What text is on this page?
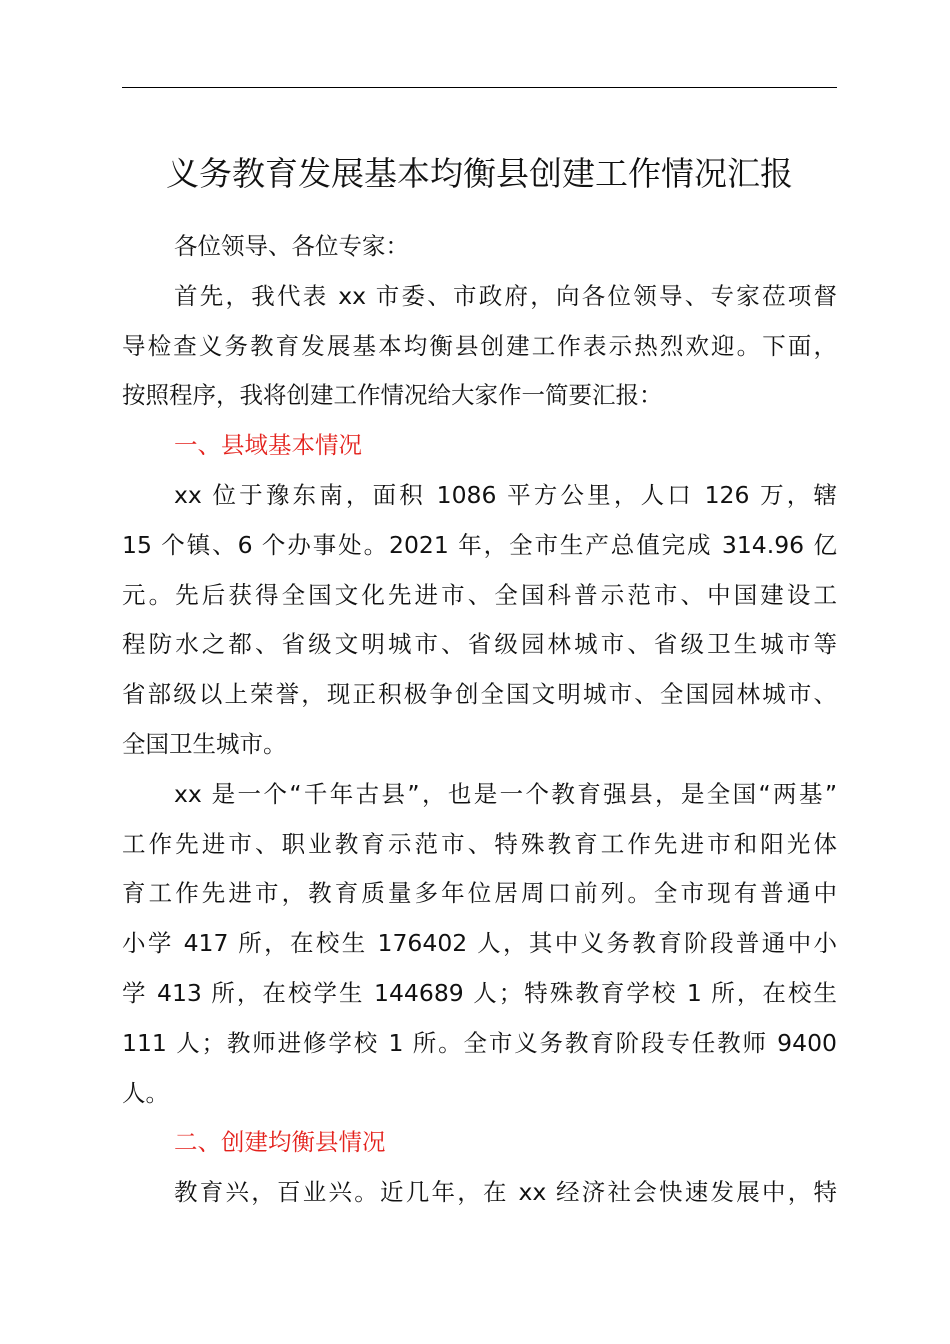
义务教育发展基本均衡县创建工作情况汇报
各位领导、各位专家：
首先，我代表 xx 市委、市政府，向各位领导、专家莅项督
导检查义务教育发展基本均衡县创建工作表示热烈欢迎。下面，
按照程序，我将创建工作情况给大家作一简要汇报：
一、县域基本情况
xx 位于豫东南，面积 1086 平方公里，人口 126 万，辖
15 个镇、6 个办事处。2021 年，全市生产总值完成 314.96 亿
元。先后获得全国文化先进市、全国科普示范市、中国建设工
程防水之都、省级文明城市、省级园林城市、省级卫生城市等
省部级以上荣誉，现正积极争创全国文明城市、全国园林城市、
全国卫生城市。
xx 是一个“千年古县”，也是一个教育强县，是全国“两基”
工作先进市、职业教育示范市、特殊教育工作先进市和阳光体
育工作先进市，教育质量多年位居周口前列。全市现有普通中
小学 417 所，在校生 176402 人，其中义务教育阶段普通中小
学 413 所，在校学生 144689 人；特殊教育学校 1 所，在校生
111 人；教师进修学校 1 所。全市义务教育阶段专任教师 9400
人。
二、创建均衡县情况
教育兴，百业兴。近几年，在 xx 经济社会快速发展中，特
